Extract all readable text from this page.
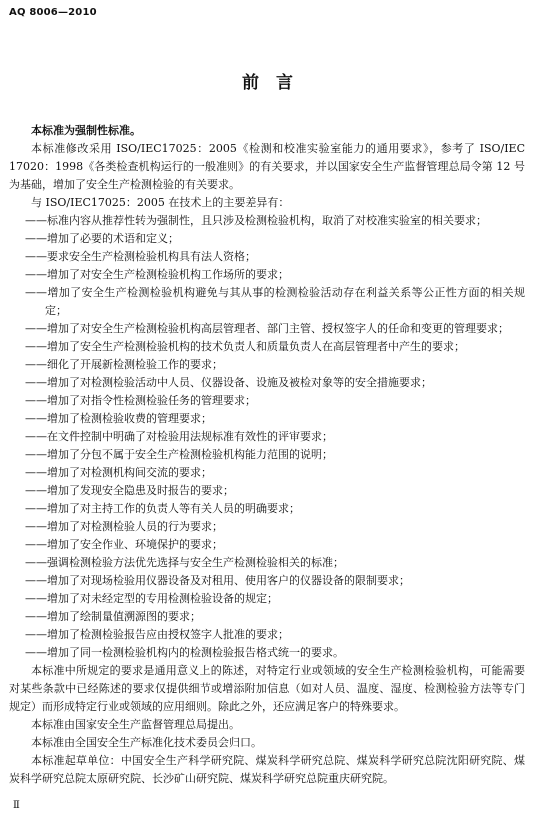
AQ 8006—2010
前　言

本标准为强制性标准。

本标准修改采用 ISO/IEC17025：2005《检测和校准实验室能力的通用要求》，参考了 ISO/IEC 17020：1998《各类检查机构运行的一般准则》的有关要求，并以国家安全生产监督管理总局令第 12 号为基础，增加了安全生产检测检验的有关要求。

与 ISO/IEC17025：2005 在技术上的主要差异有：

——标准内容从推荐性转为强制性，且只涉及检测检验机构，取消了对校准实验室的相关要求；

——增加了必要的术语和定义；

——要求安全生产检测检验机构具有法人资格；

——增加了对安全生产检测检验机构工作场所的要求；

——增加了安全生产检测检验机构避免与其从事的检测检验活动存在利益关系等公正性方面的相关规定；

——增加了对安全生产检测检验机构高层管理者、部门主管、授权签字人的任命和变更的管理要求；

——增加了安全生产检测检验机构的技术负责人和质量负责人在高层管理者中产生的要求；

——细化了开展新检测检验工作的要求；

——增加了对检测检验活动中人员、仪器设备、设施及被检对象等的安全措施要求；

——增加了对指令性检测检验任务的管理要求；

——增加了检测检验收费的管理要求；

——在文件控制中明确了对检验用法规标准有效性的评审要求；

——增加了分包不属于安全生产检测检验机构能力范围的说明；

——增加了对检测机构间交流的要求；

——增加了发现安全隐患及时报告的要求；

——增加了对主持工作的负责人等有关人员的明确要求；

——增加了对检测检验人员的行为要求；

——增加了安全作业、环境保护的要求；

——强调检测检验方法优先选择与安全生产检测检验相关的标准；

——增加了对现场检验用仪器设备及对租用、使用客户的仪器设备的限制要求；

——增加了对未经定型的专用检测检验设备的规定；

——增加了绘制量值溯源图的要求；

——增加了检测检验报告应由授权签字人批准的要求；

——增加了同一检测检验机构内的检测检验报告格式统一的要求。

本标准中所规定的要求是通用意义上的陈述，对特定行业或领域的安全生产检测检验机构，可能需要对某些条款中已经陈述的要求仅提供细节或增添附加信息（如对人员、温度、湿度、检测检验方法等专门规定）而形成特定行业或领域的应用细则。除此之外，还应满足客户的特殊要求。

本标准由国家安全生产监督管理总局提出。

本标准由全国安全生产标准化技术委员会归口。

本标准起草单位：中国安全生产科学研究院、煤炭科学研究总院、煤炭科学研究总院沈阳研究院、煤炭科学研究总院太原研究院、长沙矿山研究院、煤炭科学研究总院重庆研究院。

Ⅱ
